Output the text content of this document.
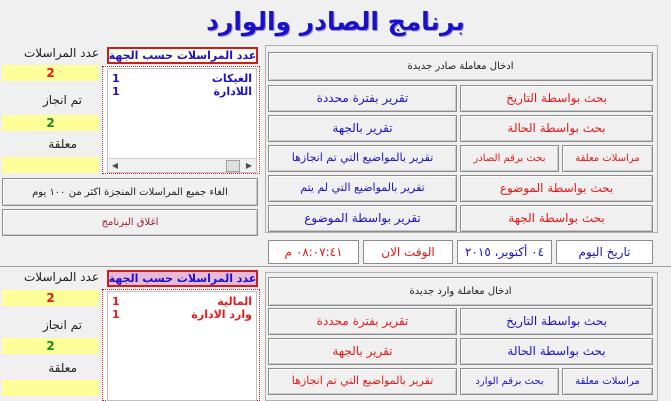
برنامج الصادر والوارد
ادخال معاملة صادر جديدة
بحث بواسطة التاريخ
تقرير بفترة محددة
بحث بواسطة الحالة
تقرير بالجهة
مراسلات معلقة
بحث برقم الصادر
تقرير بالمواضيع التي تم انجازها
بحث بواسطة الموضوع
تقرير بالمواضيع التي لم يتم
بحث بواسطة الجهة
تقرير بواسطة الموضوع
عدد المراسلات حسب الجهة
الغيكات
1
اللادارة
1
◀	▶
عدد المراسلات
2
تم انجاز
2
معلقة
الغاء جميع المراسلات المنجزة اكثر من ١٠٠ يوم
اغلاق البرنامج
تاريخ اليوم
٠٤ أكتوبر، ٢٠١٥
الوقت الان
٠٨:٠٧:٤١ م
ادخال معاملة وارد جديدة
بحث بواسطة التاريخ
تقرير بفترة محددة
بحث بواسطة الحالة
تقرير بالجهة
مراسلات معلقة
بحث برقم الوارد
تقرير بالمواضيع التي تم انجازها
عدد المراسلات حسب الجهة
المالية
1
وارد الادارة
1
عدد المراسلات
2
تم انجاز
2
معلقة
